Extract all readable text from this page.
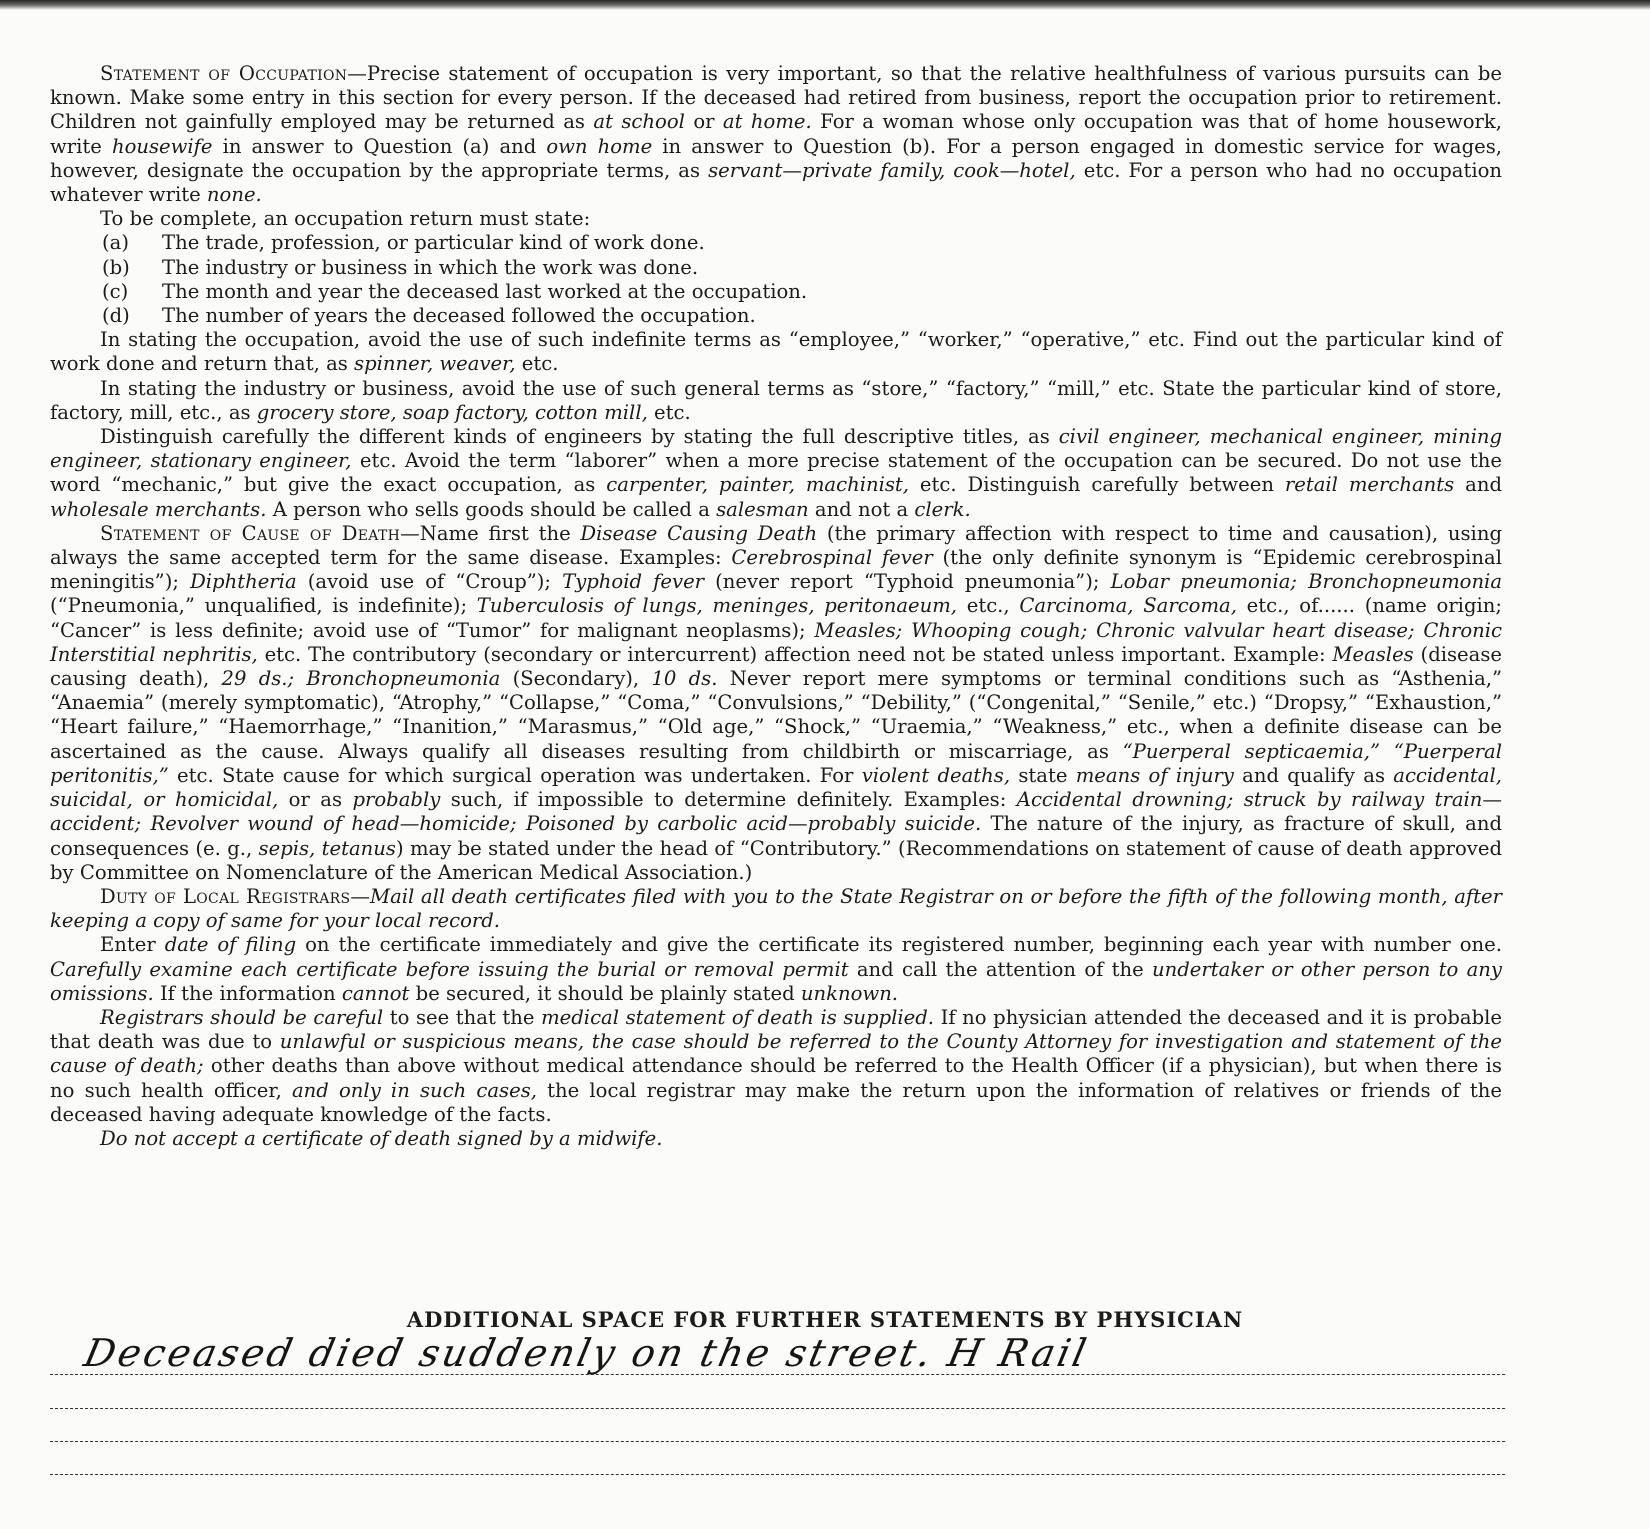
Statement of Occupation—Precise statement of occupation is very important, so that the relative healthfulness of various pursuits can be known. Make some entry in this section for every person. If the deceased had retired from business, report the occupation prior to retirement. Children not gainfully employed may be returned as at school or at home. For a woman whose only occupation was that of home housework, write housewife in answer to Question (a) and own home in answer to Question (b). For a person engaged in domestic service for wages, however, designate the occupation by the appropriate terms, as servant—private family, cook—hotel, etc. For a person who had no occupation whatever write none.

To be complete, an occupation return must state:

(a) The trade, profession, or particular kind of work done.
(b) The industry or business in which the work was done.
(c) The month and year the deceased last worked at the occupation.
(d) The number of years the deceased followed the occupation.

In stating the occupation, avoid the use of such indefinite terms as “employee,” “worker,” “operative,” etc. Find out the particular kind of work done and return that, as spinner, weaver, etc.

In stating the industry or business, avoid the use of such general terms as “store,” “factory,” “mill,” etc. State the particular kind of store, factory, mill, etc., as grocery store, soap factory, cotton mill, etc.

Distinguish carefully the different kinds of engineers by stating the full descriptive titles, as civil engineer, mechanical engineer, mining engineer, stationary engineer, etc. Avoid the term “laborer” when a more precise statement of the occupation can be secured. Do not use the word “mechanic,” but give the exact occupation, as carpenter, painter, machinist, etc. Distinguish carefully between retail merchants and wholesale merchants. A person who sells goods should be called a salesman and not a clerk.

Statement of Cause of Death—Name first the Disease Causing Death (the primary affection with respect to time and causation), using always the same accepted term for the same disease. Examples: Cerebrospinal fever (the only definite synonym is “Epidemic cerebrospinal meningitis”); Diphtheria (avoid use of “Croup”); Typhoid fever (never report “Typhoid pneumonia”); Lobar pneumonia; Bronchopneumonia (“Pneumonia,” unqualified, is indefinite); Tuberculosis of lungs, meninges, peritonaeum, etc., Carcinoma, Sarcoma, etc., of...... (name origin; “Cancer” is less definite; avoid use of “Tumor” for malignant neoplasms); Measles; Whooping cough; Chronic valvular heart disease; Chronic Interstitial nephritis, etc. The contributory (secondary or intercurrent) affection need not be stated unless important. Example: Measles (disease causing death), 29 ds.; Bronchopneumonia (Secondary), 10 ds. Never report mere symptoms or terminal conditions such as “Asthenia,” “Anaemia” (merely symptomatic), “Atrophy,” “Collapse,” “Coma,” “Convulsions,” “Debility,” (“Congenital,” “Senile,” etc.) “Dropsy,” “Exhaustion,” “Heart failure,” “Haemorrhage,” “Inanition,” “Marasmus,” “Old age,” “Shock,” “Uraemia,” “Weakness,” etc., when a definite disease can be ascertained as the cause. Always qualify all diseases resulting from childbirth or miscarriage, as “Puerperal septicaemia,” “Puerperal peritonitis,” etc. State cause for which surgical operation was undertaken. For violent deaths, state means of injury and qualify as accidental, suicidal, or homicidal, or as probably such, if impossible to determine definitely. Examples: Accidental drowning; struck by railway train—accident; Revolver wound of head—homicide; Poisoned by carbolic acid—probably suicide. The nature of the injury, as fracture of skull, and consequences (e. g., sepis, tetanus) may be stated under the head of “Contributory.” (Recommendations on statement of cause of death approved by Committee on Nomenclature of the American Medical Association.)

Duty of Local Registrars—Mail all death certificates filed with you to the State Registrar on or before the fifth of the following month, after keeping a copy of same for your local record.

Enter date of filing on the certificate immediately and give the certificate its registered number, beginning each year with number one. Carefully examine each certificate before issuing the burial or removal permit and call the attention of the undertaker or other person to any omissions. If the information cannot be secured, it should be plainly stated unknown.

Registrars should be careful to see that the medical statement of death is supplied. If no physician attended the deceased and it is probable that death was due to unlawful or suspicious means, the case should be referred to the County Attorney for investigation and statement of the cause of death; other deaths than above without medical attendance should be referred to the Health Officer (if a physician), but when there is no such health officer, and only in such cases, the local registrar may make the return upon the information of relatives or friends of the deceased having adequate knowledge of the facts.

Do not accept a certificate of death signed by a midwife.

ADDITIONAL SPACE FOR FURTHER STATEMENTS BY PHYSICIAN
Deceased died suddenly on the street. H Rail
